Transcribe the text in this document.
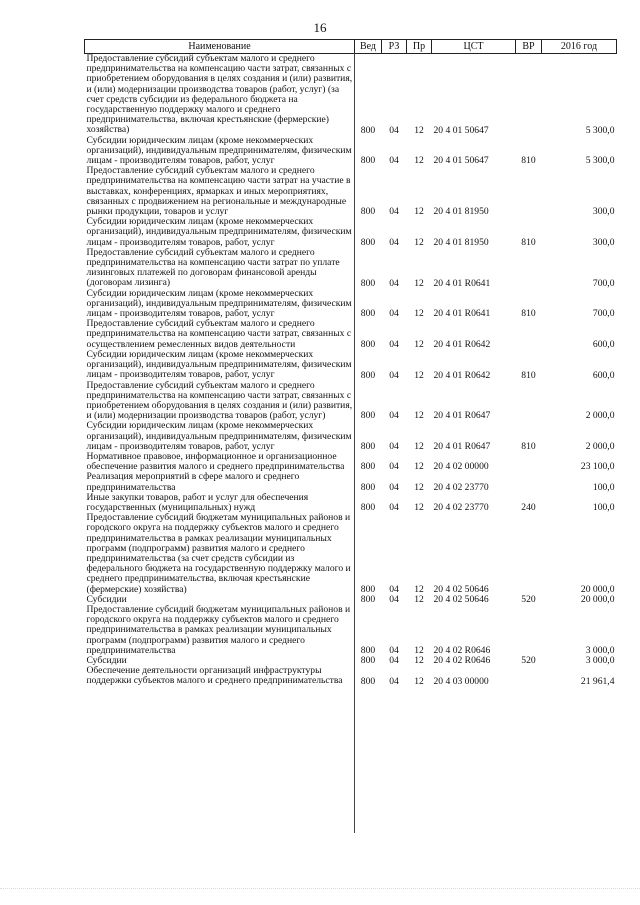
16
Наименование	Вед	РЗ	Пр	ЦСТ	ВР	2016 год
Предоставление субсидий субъектам малого и среднего предпринимательства на компенсацию части затрат, связанных с приобретением оборудования в целях создания и (или) развития, и (или) модернизации производства товаров (работ, услуг) (за счет средств субсидии из федерального бюджета на государственную поддержку малого и среднего предпринимательства, включая крестьянские (фермерские) хозяйства)	800	04	12	20 4 01 50647		5 300,0
Субсидии юридическим лицам (кроме некоммерческих организаций), индивидуальным предпринимателям, физическим лицам - производителям товаров, работ, услуг	800	04	12	20 4 01 50647	810	5 300,0
Предоставление субсидий субъектам малого и среднего предпринимательства на компенсацию части затрат на участие в выставках, конференциях, ярмарках и иных мероприятиях, связанных с продвижением на региональные и международные рынки продукции, товаров и услуг	800	04	12	20 4 01 81950		300,0
Субсидии юридическим лицам (кроме некоммерческих организаций), индивидуальным предпринимателям, физическим лицам - производителям товаров, работ, услуг	800	04	12	20 4 01 81950	810	300,0
Предоставление субсидий субъектам малого и среднего предпринимательства на компенсацию части затрат по уплате лизинговых платежей по договорам финансовой аренды (договорам лизинга)	800	04	12	20 4 01 R0641		700,0
Субсидии юридическим лицам (кроме некоммерческих организаций), индивидуальным предпринимателям, физическим лицам - производителям товаров, работ, услуг	800	04	12	20 4 01 R0641	810	700,0
Предоставление субсидий субъектам малого и среднего предпринимательства на компенсацию части затрат, связанных с осуществлением ремесленных видов деятельности	800	04	12	20 4 01 R0642		600,0
Субсидии юридическим лицам (кроме некоммерческих организаций), индивидуальным предпринимателям, физическим лицам - производителям товаров, работ, услуг	800	04	12	20 4 01 R0642	810	600,0
Предоставление субсидий субъектам малого и среднего предпринимательства на компенсацию части затрат, связанных с приобретением оборудования в целях создания и (или) развития, и (или) модернизации производства товаров (работ, услуг)	800	04	12	20 4 01 R0647		2 000,0
Субсидии юридическим лицам (кроме некоммерческих организаций), индивидуальным предпринимателям, физическим лицам - производителям товаров, работ, услуг	800	04	12	20 4 01 R0647	810	2 000,0
Нормативное правовое, информационное и организационное обеспечение развития малого и среднего предпринимательства	800	04	12	20 4 02 00000		23 100,0
Реализация мероприятий в сфере малого и среднего предпринимательства	800	04	12	20 4 02 23770		100,0
Иные закупки товаров, работ и услуг для обеспечения государственных (муниципальных) нужд	800	04	12	20 4 02 23770	240	100,0
Предоставление субсидий бюджетам муниципальных районов и городского округа на поддержку субъектов малого и среднего предпринимательства в рамках реализации муниципальных программ (подпрограмм) развития малого и среднего предпринимательства (за счет средств субсидии из федерального бюджета на государственную поддержку малого и среднего предпринимательства, включая крестьянские (фермерские) хозяйства)	800	04	12	20 4 02 50646		20 000,0
Субсидии	800	04	12	20 4 02 50646	520	20 000,0
Предоставление субсидий бюджетам муниципальных районов и городского округа на поддержку субъектов малого и среднего предпринимательства в рамках реализации муниципальных программ (подпрограмм) развития малого и среднего предпринимательства	800	04	12	20 4 02 R0646		3 000,0
Субсидии	800	04	12	20 4 02 R0646	520	3 000,0
Обеспечение деятельности организаций инфраструктуры поддержки субъектов малого и среднего предпринимательства	800	04	12	20 4 03 00000		21 961,4
